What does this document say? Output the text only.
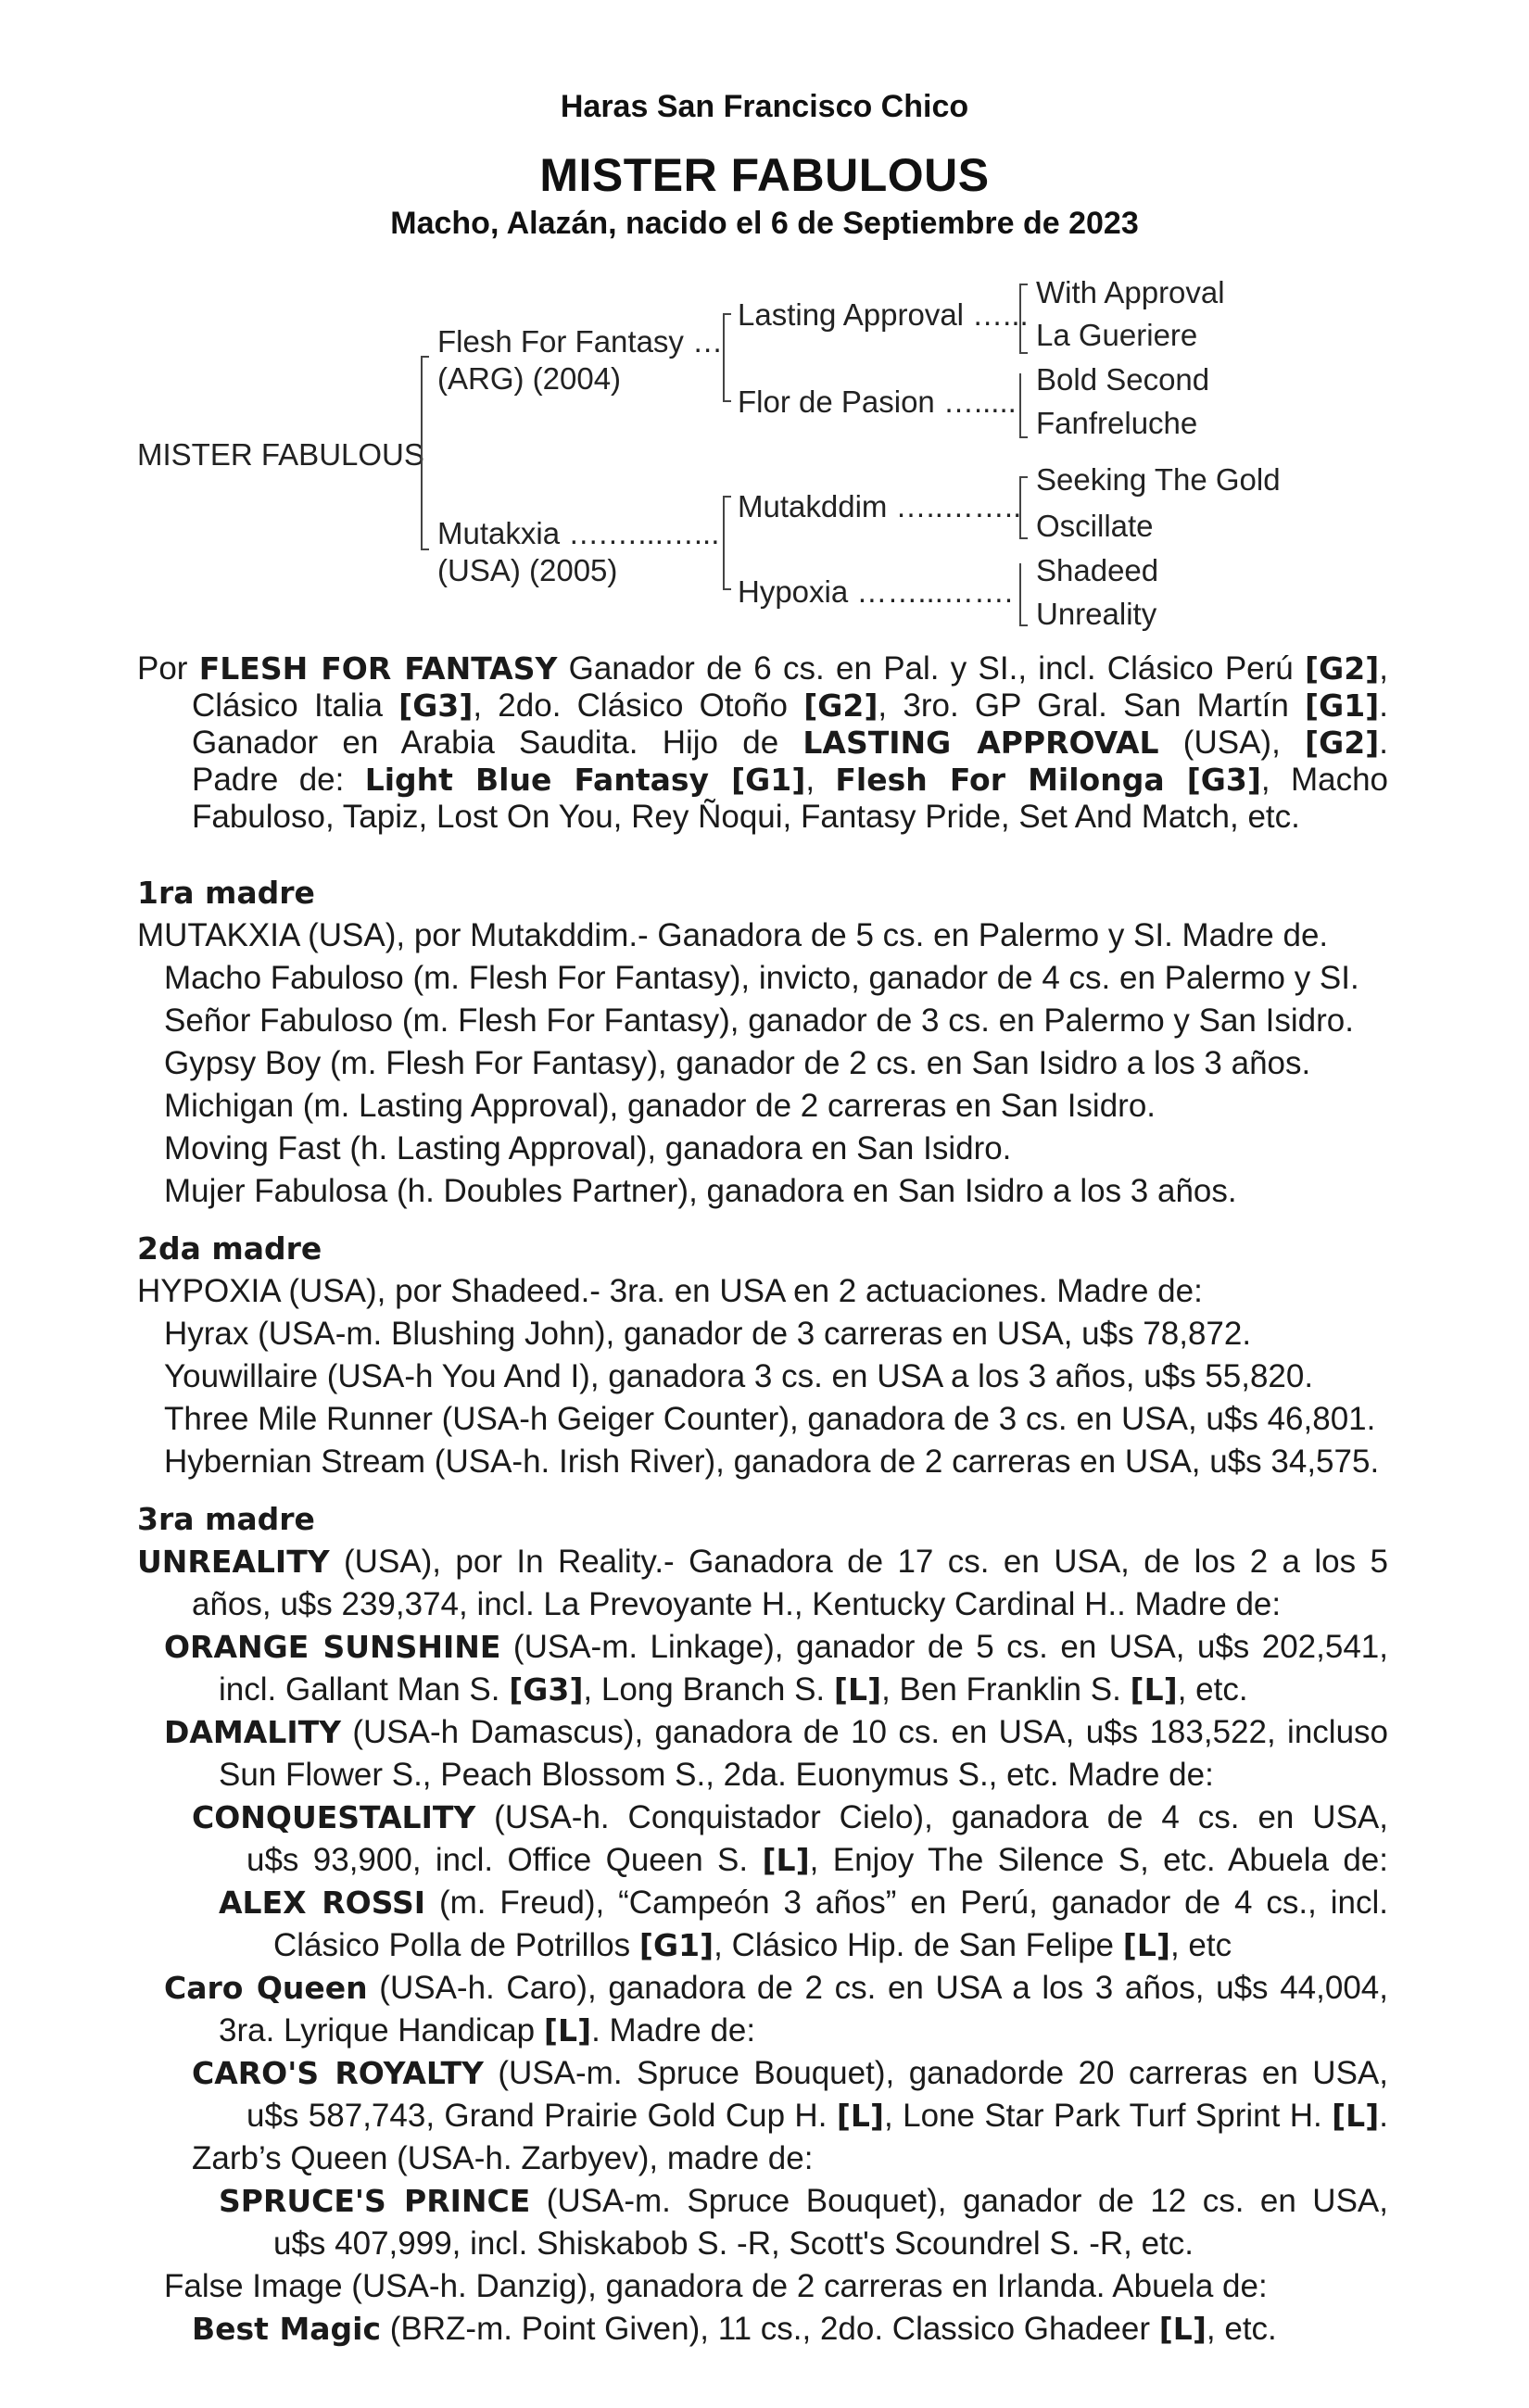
Haras San Francisco Chico
MISTER FABULOUS
Macho, Alazán, nacido el 6 de Septiembre de 2023
MISTER FABULOUS
Flesh For Fantasy …
(ARG) (2004)
Mutakxia ….…...…...
(USA) (2005)
Lasting Approval …...
Flor de Pasion ….....
Mutakddim …..……..
Hypoxia ……...…….
With Approval
La Gueriere
Bold Second
Fanfreluche
Seeking The Gold
Oscillate
Shadeed
Unreality
Por FLESH FOR FANTASY Ganador de 6 cs. en Pal. y SI., incl. Clásico Perú [G2],
Clásico Italia [G3], 2do. Clásico Otoño [G2], 3ro. GP Gral. San Martín [G1].
Ganador en Arabia Saudita. Hijo de LASTING APPROVAL (USA), [G2].
Padre de: Light Blue Fantasy [G1], Flesh For Milonga [G3], Macho
Fabuloso, Tapiz, Lost On You, Rey Ñoqui, Fantasy Pride, Set And Match, etc.
1ra madre
MUTAKXIA (USA), por Mutakddim.- Ganadora de 5 cs. en Palermo y SI. Madre de.
Macho Fabuloso (m. Flesh For Fantasy), invicto, ganador de 4 cs. en Palermo y SI.
Señor Fabuloso (m. Flesh For Fantasy), ganador de 3 cs. en Palermo y San Isidro.
Gypsy Boy (m. Flesh For Fantasy), ganador de 2 cs. en San Isidro a los 3 años.
Michigan (m. Lasting Approval), ganador de 2 carreras en San Isidro.
Moving Fast (h. Lasting Approval), ganadora en San Isidro.
Mujer Fabulosa (h. Doubles Partner), ganadora en San Isidro a los 3 años.
2da madre
HYPOXIA (USA), por Shadeed.- 3ra. en USA en 2 actuaciones. Madre de:
Hyrax (USA-m. Blushing John), ganador de 3 carreras en USA, u$s 78,872.
Youwillaire (USA-h You And I), ganadora 3 cs. en USA a los 3 años, u$s 55,820.
Three Mile Runner (USA-h Geiger Counter), ganadora de 3 cs. en USA, u$s 46,801.
Hybernian Stream (USA-h. Irish River), ganadora de 2 carreras en USA, u$s 34,575.
3ra madre
UNREALITY (USA), por In Reality.- Ganadora de 17 cs. en USA, de los 2 a los 5
años, u$s 239,374, incl. La Prevoyante H., Kentucky Cardinal H.. Madre de:
ORANGE SUNSHINE (USA-m. Linkage), ganador de 5 cs. en USA, u$s 202,541,
incl. Gallant Man S. [G3], Long Branch S. [L], Ben Franklin S. [L], etc.
DAMALITY (USA-h Damascus), ganadora de 10 cs. en USA, u$s 183,522, incluso
Sun Flower S., Peach Blossom S., 2da. Euonymus S., etc. Madre de:
CONQUESTALITY (USA-h. Conquistador Cielo), ganadora de 4 cs. en USA,
u$s 93,900, incl. Office Queen S. [L], Enjoy The Silence S, etc. Abuela de:
ALEX ROSSI (m. Freud), “Campeón 3 años” en Perú, ganador de 4 cs., incl.
Clásico Polla de Potrillos [G1], Clásico Hip. de San Felipe [L], etc
Caro Queen (USA-h. Caro), ganadora de 2 cs. en USA a los 3 años, u$s 44,004,
3ra. Lyrique Handicap [L]. Madre de:
CARO'S ROYALTY (USA-m. Spruce Bouquet), ganadorde 20 carreras en USA,
u$s 587,743, Grand Prairie Gold Cup H. [L], Lone Star Park Turf Sprint H. [L].
Zarb’s Queen (USA-h. Zarbyev), madre de:
SPRUCE'S PRINCE (USA-m. Spruce Bouquet), ganador de 12 cs. en USA,
u$s 407,999, incl. Shiskabob S. -R, Scott's Scoundrel S. -R, etc.
False Image (USA-h. Danzig), ganadora de 2 carreras en Irlanda. Abuela de:
Best Magic (BRZ-m. Point Given), 11 cs., 2do. Classico Ghadeer [L], etc.
